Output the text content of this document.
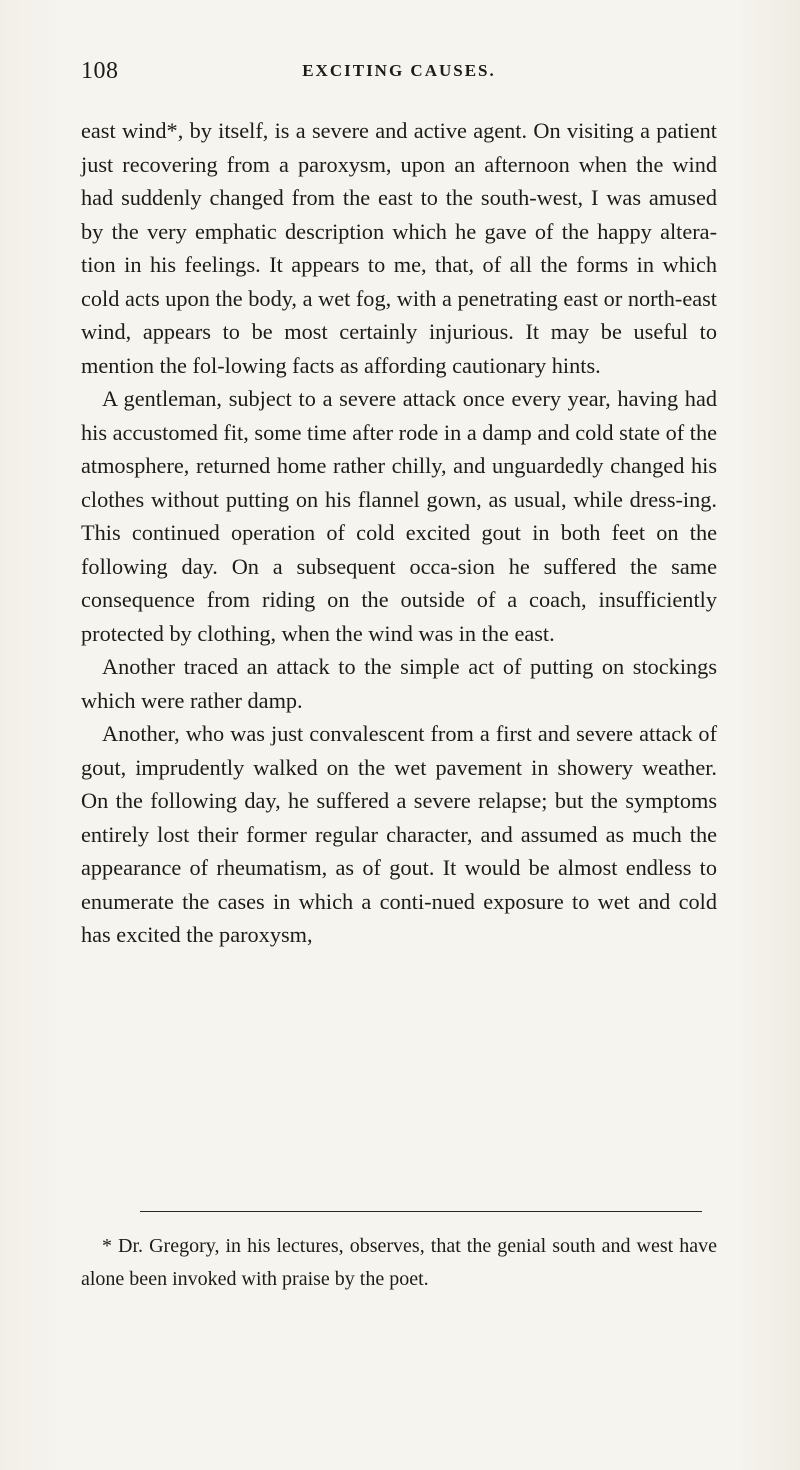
108	EXCITING CAUSES.

east wind*, by itself, is a severe and active agent. On visiting a patient just recovering from a paroxysm, upon an afternoon when the wind had suddenly changed from the east to the south-west, I was amused by the very emphatic description which he gave of the happy altera-tion in his feelings. It appears to me, that, of all the forms in which cold acts upon the body, a wet fog, with a penetrating east or north-east wind, appears to be most certainly injurious. It may be useful to mention the fol-lowing facts as affording cautionary hints.

A gentleman, subject to a severe attack once every year, having had his accustomed fit, some time after rode in a damp and cold state of the atmosphere, returned home rather chilly, and unguardedly changed his clothes without putting on his flannel gown, as usual, while dress-ing. This continued operation of cold excited gout in both feet on the following day. On a subsequent occa-sion he suffered the same consequence from riding on the outside of a coach, insufficiently protected by clothing, when the wind was in the east.

Another traced an attack to the simple act of putting on stockings which were rather damp.

Another, who was just convalescent from a first and severe attack of gout, imprudently walked on the wet pavement in showery weather. On the following day, he suffered a severe relapse; but the symptoms entirely lost their former regular character, and assumed as much the appearance of rheumatism, as of gout. It would be almost endless to enumerate the cases in which a conti-nued exposure to wet and cold has excited the paroxysm,

* Dr. Gregory, in his lectures, observes, that the genial south and west have alone been invoked with praise by the poet.
